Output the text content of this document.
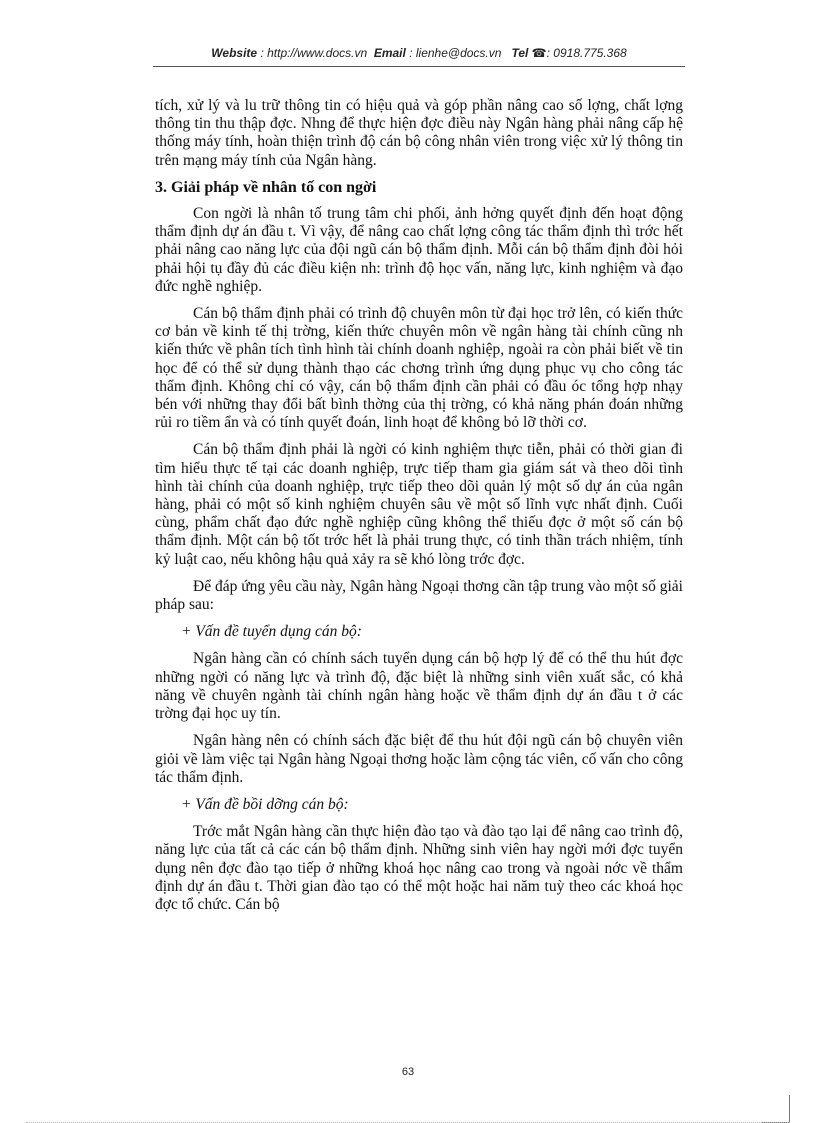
Website : http://www.docs.vn Email : lienhe@docs.vn Tel ☎: 0918.775.368

tích, xử lý và lu trữ thông tin có hiệu quả và góp phần nâng cao số lợng, chất lợng thông tin thu thập đợc. Nhng để thực hiện đợc điều này Ngân hàng phải nâng cấp hệ thống máy tính, hoàn thiện trình độ cán bộ công nhân viên trong việc xử lý thông tin trên mạng máy tính của Ngân hàng.

3. Giải pháp về nhân tố con ngời

Con ngời là nhân tố trung tâm chi phối, ảnh hởng quyết định đến hoạt động thẩm định dự án đầu t. Vì vậy, để nâng cao chất lợng công tác thẩm định thì trớc hết phải nâng cao năng lực của đội ngũ cán bộ thẩm định. Mỗi cán bộ thẩm định đòi hỏi phải hội tụ đầy đủ các điều kiện nh: trình độ học vấn, năng lực, kinh nghiệm và đạo đức nghề nghiệp.

Cán bộ thẩm định phải có trình độ chuyên môn từ đại học trở lên, có kiến thức cơ bản về kinh tế thị trờng, kiến thức chuyên môn về ngân hàng tài chính cũng nh kiến thức về phân tích tình hình tài chính doanh nghiệp, ngoài ra còn phải biết về tin học để có thể sử dụng thành thạo các chơng trình ứng dụng phục vụ cho công tác thẩm định. Không chỉ có vậy, cán bộ thẩm định cần phải có đầu óc tổng hợp nhạy bén với những thay đổi bất bình thờng của thị trờng, có khả năng phán đoán những rủi ro tiềm ẩn và có tính quyết đoán, linh hoạt để không bỏ lỡ thời cơ.

Cán bộ thẩm định phải là ngời có kinh nghiệm thực tiễn, phải có thời gian đi tìm hiểu thực tế tại các doanh nghiệp, trực tiếp tham gia giám sát và theo dõi tình hình tài chính của doanh nghiệp, trực tiếp theo dõi quản lý một số dự án của ngân hàng, phải có một số kinh nghiệm chuyên sâu về một số lĩnh vực nhất định. Cuối cùng, phẩm chất đạo đức nghề nghiệp cũng không thể thiếu đợc ở một số cán bộ thẩm định. Một cán bộ tốt trớc hết là phải trung thực, có tinh thần trách nhiệm, tính kỷ luật cao, nếu không hậu quả xảy ra sẽ khó lòng trớc đợc.

Để đáp ứng yêu cầu này, Ngân hàng Ngoại thơng cần tập trung vào một số giải pháp sau:

+ Vấn đề tuyển dụng cán bộ:

Ngân hàng cần có chính sách tuyển dụng cán bộ hợp lý để có thể thu hút đợc những ngời có năng lực và trình độ, đặc biệt là những sinh viên xuất sắc, có khả năng về chuyên ngành tài chính ngân hàng hoặc về thẩm định dự án đầu t ở các trờng đại học uy tín.

Ngân hàng nên có chính sách đặc biệt để thu hút đội ngũ cán bộ chuyên viên giỏi về làm việc tại Ngân hàng Ngoại thơng hoặc làm cộng tác viên, cố vấn cho công tác thẩm định.

+ Vấn đề bồi dỡng cán bộ:

Trớc mắt Ngân hàng cần thực hiện đào tạo và đào tạo lại để nâng cao trình độ, năng lực của tất cả các cán bộ thẩm định. Những sinh viên hay ngời mới đợc tuyển dụng nên đợc đào tạo tiếp ở những khoá học nâng cao trong và ngoài nớc về thẩm định dự án đầu t. Thời gian đào tạo có thể một hoặc hai năm tuỳ theo các khoá học đợc tổ chức. Cán bộ

63
